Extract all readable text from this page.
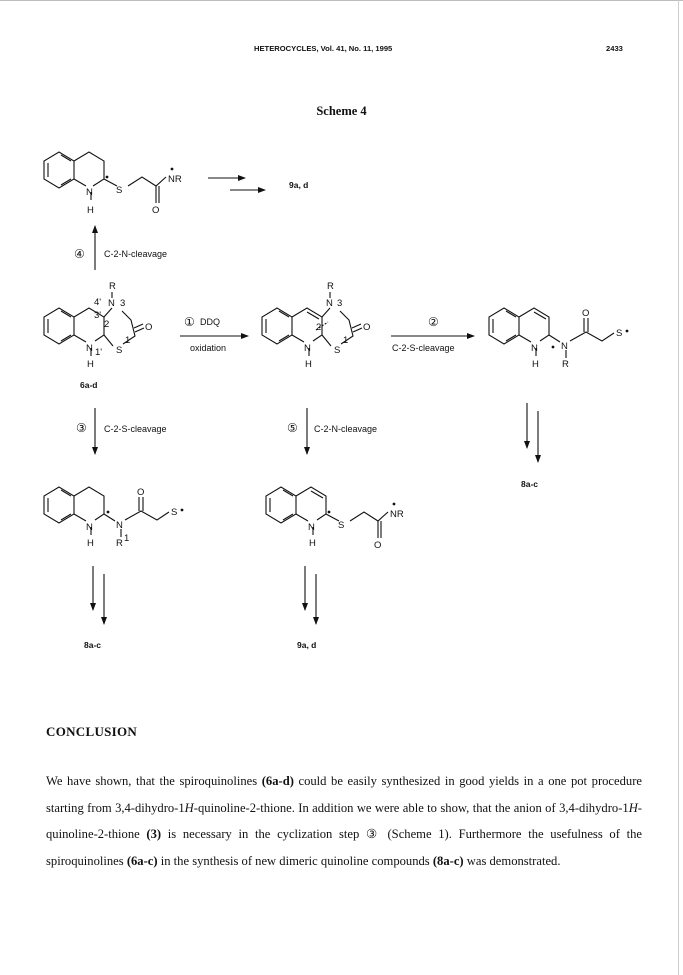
HETEROCYCLES, Vol. 41, No. 11, 1995	2433
Scheme 4
N
H
S
O
NR	9a, d
④ C-2-N-cleavage
4'
3'
N
R
3
2	O
N 1'
H
S
1
6a-d
① DDQ
oxidation
N
R
3
2	O
N
H
S
1
②
C-2-S-cleavage	N
H
N
R
O
S
8a-c
③ C-2-S-cleavage	⑤ C-2-N-cleavage
N
H
N
R 1
O
S
8a-c
N
H
S
O
NR
9a, d
CONCLUSION

We have shown, that the spiroquinolines (6a-d) could be easily synthesized in good yields in a one pot procedure starting from 3,4-dihydro-1H-quinoline-2-thione. In addition we were able to show, that the anion of 3,4-dihydro-1H-quinoline-2-thione (3) is necessary in the cyclization step ③ (Scheme 1). Furthermore the usefulness of the spiroquinolines (6a-c) in the synthesis of new dimeric quinoline compounds (8a-c) was demonstrated.
